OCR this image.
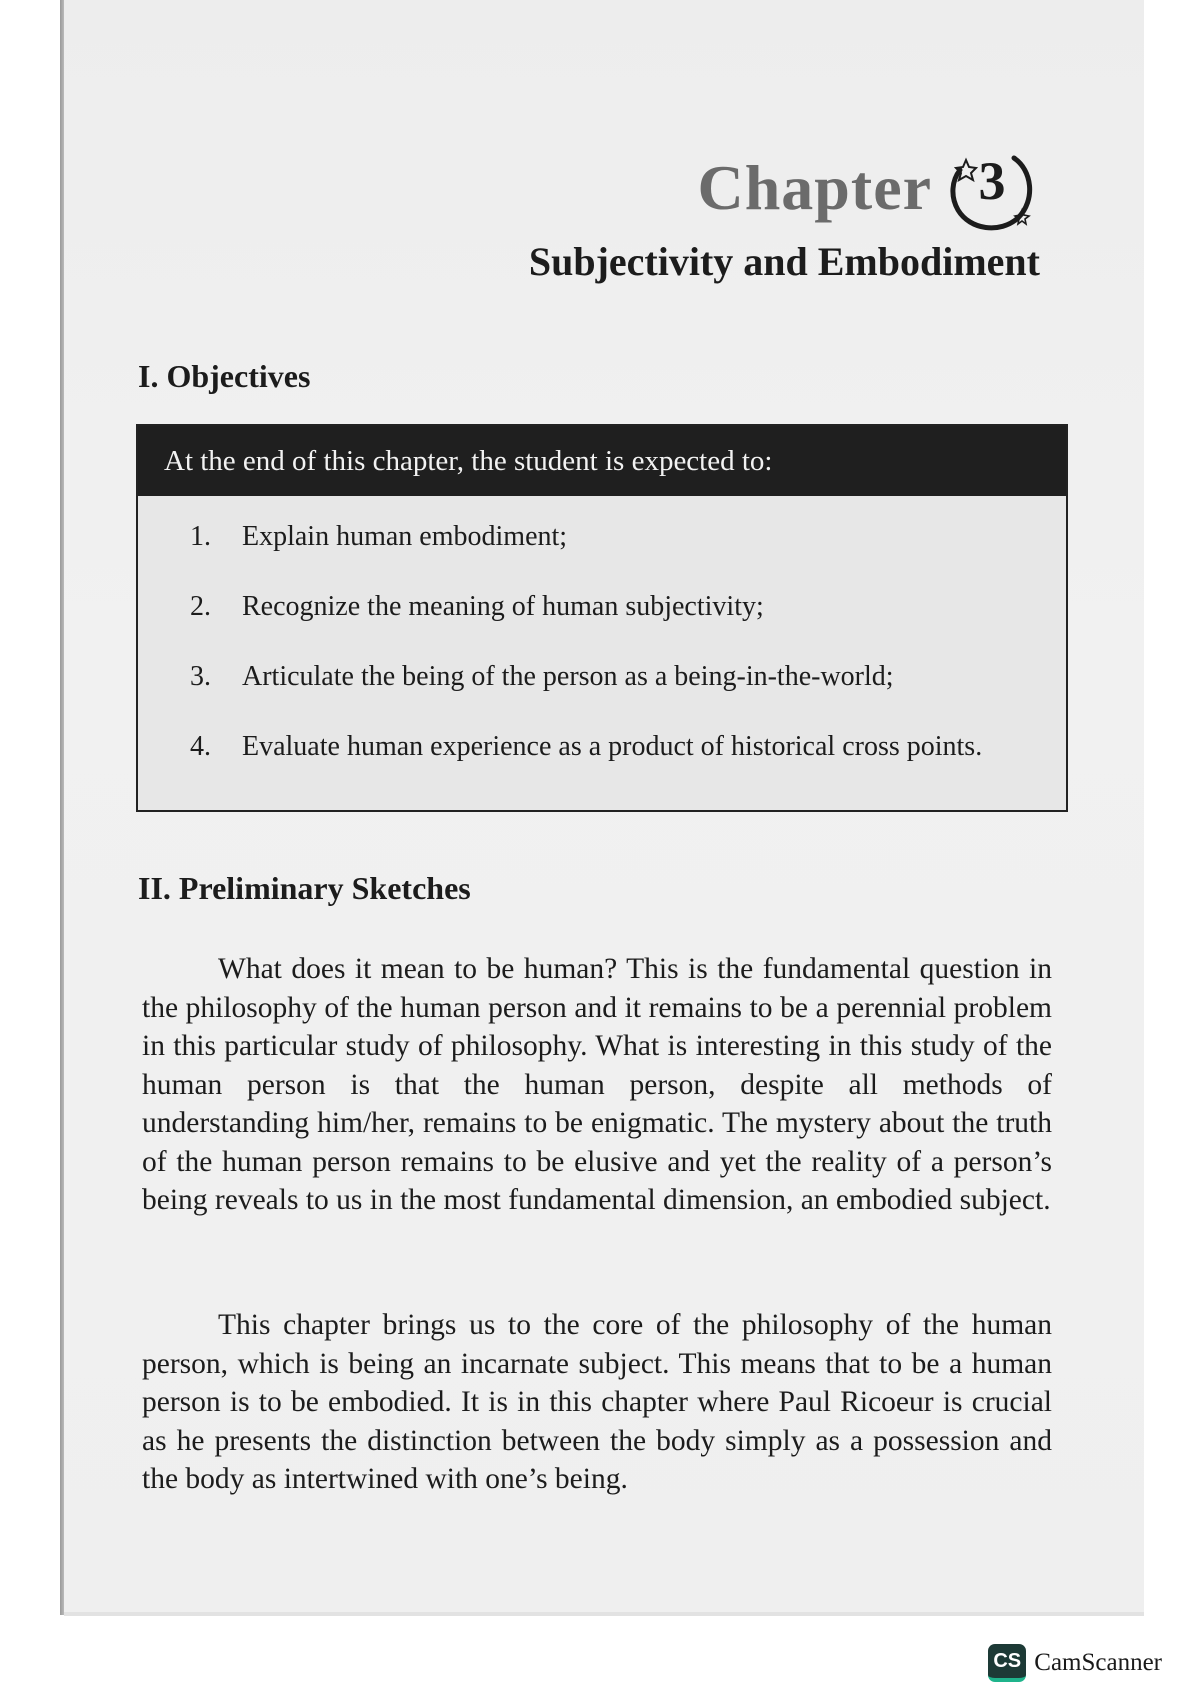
Chapter 3
Subjectivity and Embodiment
I. Objectives
At the end of this chapter, the student is expected to:
1.	Explain human embodiment;
2.	Recognize the meaning of human subjectivity;
3.	Articulate the being of the person as a being-in-the-world;
4.	Evaluate human experience as a product of historical cross points.
II. Preliminary Sketches

What does it mean to be human? This is the fundamental question in the philosophy of the human person and it remains to be a perennial problem in this particular study of philosophy. What is interesting in this study of the human person is that the human person, despite all methods of understanding him/her, remains to be enigmatic. The mystery about the truth of the human person remains to be elusive and yet the reality of a person’s being reveals to us in the most fundamental dimension, an embodied subject.

This chapter brings us to the core of the philosophy of the human person, which is being an incarnate subject. This means that to be a human person is to be embodied. It is in this chapter where Paul Ricoeur is crucial as he presents the distinction between the body simply as a possession and the body as intertwined with one’s being.

CS CamScanner
